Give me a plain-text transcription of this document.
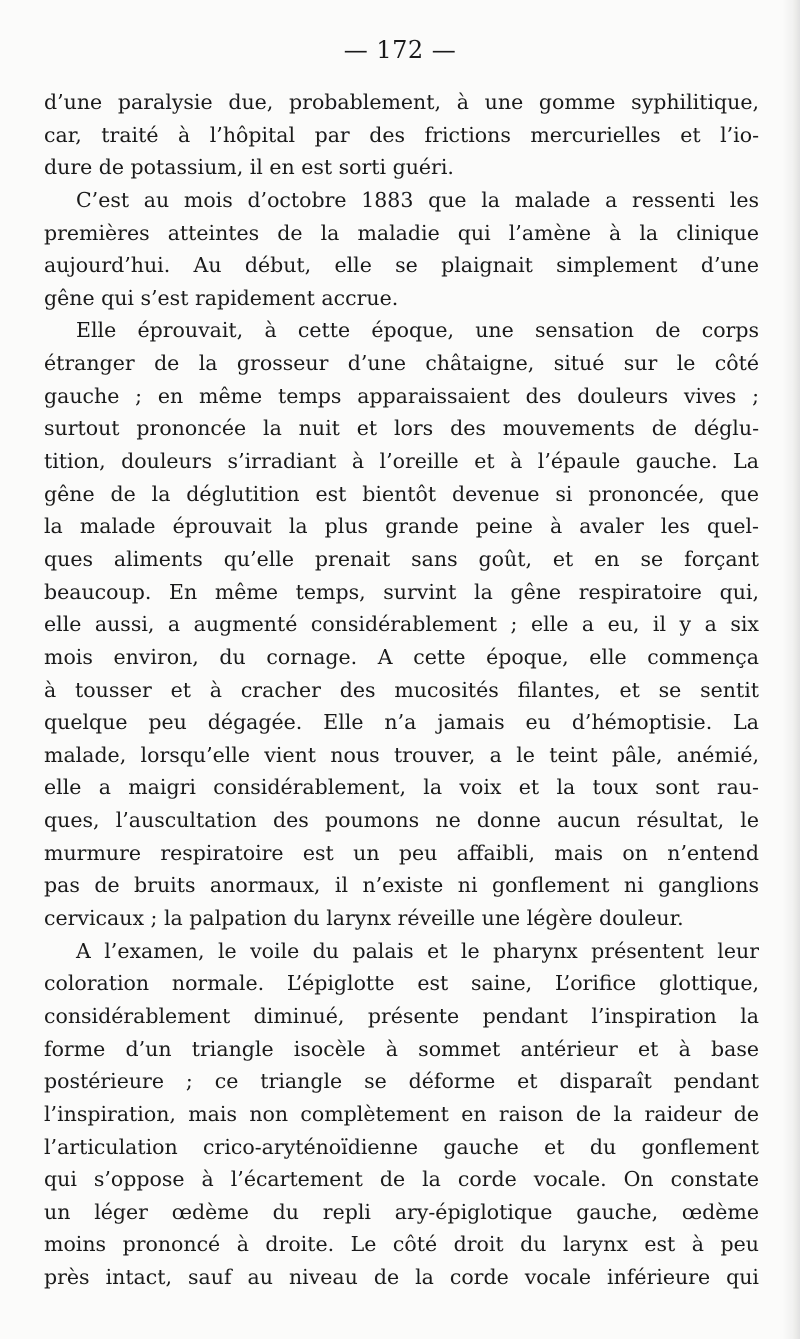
— 172 —
d’une paralysie due, probablement, à une gomme syphilitique,
car, traité à l’hôpital par des frictions mercurielles et l’io-
dure de potassium, il en est sorti guéri.
C’est au mois d’octobre 1883 que la malade a ressenti les
premières atteintes de la maladie qui l’amène à la clinique
aujourd’hui. Au début, elle se plaignait simplement d’une
gêne qui s’est rapidement accrue.
Elle éprouvait, à cette époque, une sensation de corps
étranger de la grosseur d’une châtaigne, situé sur le côté
gauche ; en même temps apparaissaient des douleurs vives ;
surtout prononcée la nuit et lors des mouvements de déglu-
tition, douleurs s’irradiant à l’oreille et à l’épaule gauche. La
gêne de la déglutition est bientôt devenue si prononcée, que
la malade éprouvait la plus grande peine à avaler les quel-
ques aliments qu’elle prenait sans goût, et en se forçant
beaucoup. En même temps, survint la gêne respiratoire qui,
elle aussi, a augmenté considérablement ; elle a eu, il y a six
mois environ, du cornage. A cette époque, elle commença
à tousser et à cracher des mucosités filantes, et se sentit
quelque peu dégagée. Elle n’a jamais eu d’hémoptisie. La
malade, lorsqu’elle vient nous trouver, a le teint pâle, anémié,
elle a maigri considérablement, la voix et la toux sont rau-
ques, l’auscultation des poumons ne donne aucun résultat, le
murmure respiratoire est un peu affaibli, mais on n’entend
pas de bruits anormaux, il n’existe ni gonflement ni ganglions
cervicaux ; la palpation du larynx réveille une légère douleur.
A l’examen, le voile du palais et le pharynx présentent leur
coloration normale. L’épiglotte est saine, L’orifice glottique,
considérablement diminué, présente pendant l’inspiration la
forme d’un triangle isocèle à sommet antérieur et à base
postérieure ; ce triangle se déforme et disparaît pendant
l’inspiration, mais non complètement en raison de la raideur de
l’articulation crico-aryténoïdienne gauche et du gonflement
qui s’oppose à l’écartement de la corde vocale. On constate
un léger œdème du repli ary-épiglotique gauche, œdème
moins prononcé à droite. Le côté droit du larynx est à peu
près intact, sauf au niveau de la corde vocale inférieure qui
